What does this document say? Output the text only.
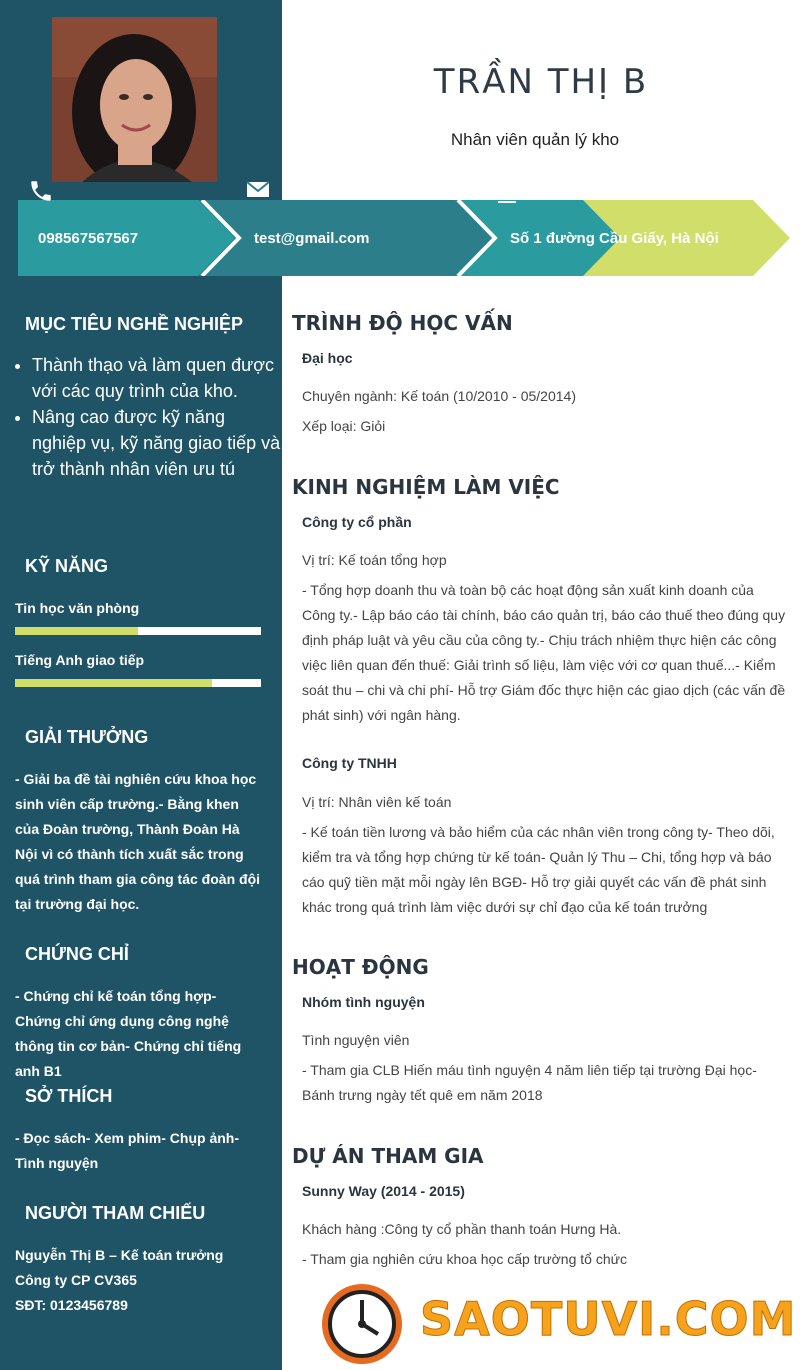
TRẦN THỊ B
Nhân viên quản lý kho
098567567567	test@gmail.com	Số 1 đường Cầu Giấy, Hà Nội
MỤC TIÊU NGHỀ NGHIỆP
• Thành thạo và làm quen được với các quy trình của kho.
• Nâng cao được kỹ năng nghiệp vụ, kỹ năng giao tiếp và trở thành nhân viên ưu tú
KỸ NĂNG
Tin học văn phòng
Tiếng Anh giao tiếp
GIẢI THƯỞNG
- Giải ba đề tài nghiên cứu khoa học sinh viên cấp trường.- Bằng khen của Đoàn trường, Thành Đoàn Hà Nội vì có thành tích xuất sắc trong quá trình tham gia công tác đoàn đội tại trường đại học.
CHỨNG CHỈ
- Chứng chỉ kế toán tổng hợp- Chứng chỉ ứng dụng công nghệ thông tin cơ bản- Chứng chỉ tiếng anh B1
SỞ THÍCH
- Đọc sách- Xem phim- Chụp ảnh- Tình nguyện
NGƯỜI THAM CHIẾU
Nguyễn Thị B – Kế toán trưởng
Công ty CP CV365
SĐT: 0123456789
TRÌNH ĐỘ HỌC VẤN
Đại học
Chuyên ngành: Kế toán (10/2010 - 05/2014)
Xếp loại: Giỏi
KINH NGHIỆM LÀM VIỆC
Công ty cổ phần
Vị trí: Kế toán tổng hợp
- Tổng hợp doanh thu và toàn bộ các hoạt động sản xuất kinh doanh của Công ty.- Lập báo cáo tài chính, báo cáo quản trị, báo cáo thuế theo đúng quy định pháp luật và yêu cầu của công ty.- Chịu trách nhiệm thực hiện các công việc liên quan đến thuế: Giải trình số liệu, làm việc với cơ quan thuế...- Kiểm soát thu – chi và chi phí- Hỗ trợ Giám đốc thực hiện các giao dịch (các vấn đề phát sinh) với ngân hàng.
Công ty TNHH
Vị trí: Nhân viên kế toán
- Kế toán tiền lương và bảo hiểm của các nhân viên trong công ty- Theo dõi, kiểm tra và tổng hợp chứng từ kế toán- Quản lý Thu – Chi, tổng hợp và báo cáo quỹ tiền mặt mỗi ngày lên BGĐ- Hỗ trợ giải quyết các vấn đề phát sinh khác trong quá trình làm việc dưới sự chỉ đạo của kế toán trưởng
HOẠT ĐỘNG
Nhóm tình nguyện
Tình nguyện viên
- Tham gia CLB Hiến máu tình nguyện 4 năm liên tiếp tại trường Đại học- Bánh trưng ngày tết quê em năm 2018
DỰ ÁN THAM GIA
Sunny Way (2014 - 2015)
Khách hàng :Công ty cổ phần thanh toán Hưng Hà.
- Tham gia nghiên cứu khoa học cấp trường tổ chức
SAOTUVI.COM
